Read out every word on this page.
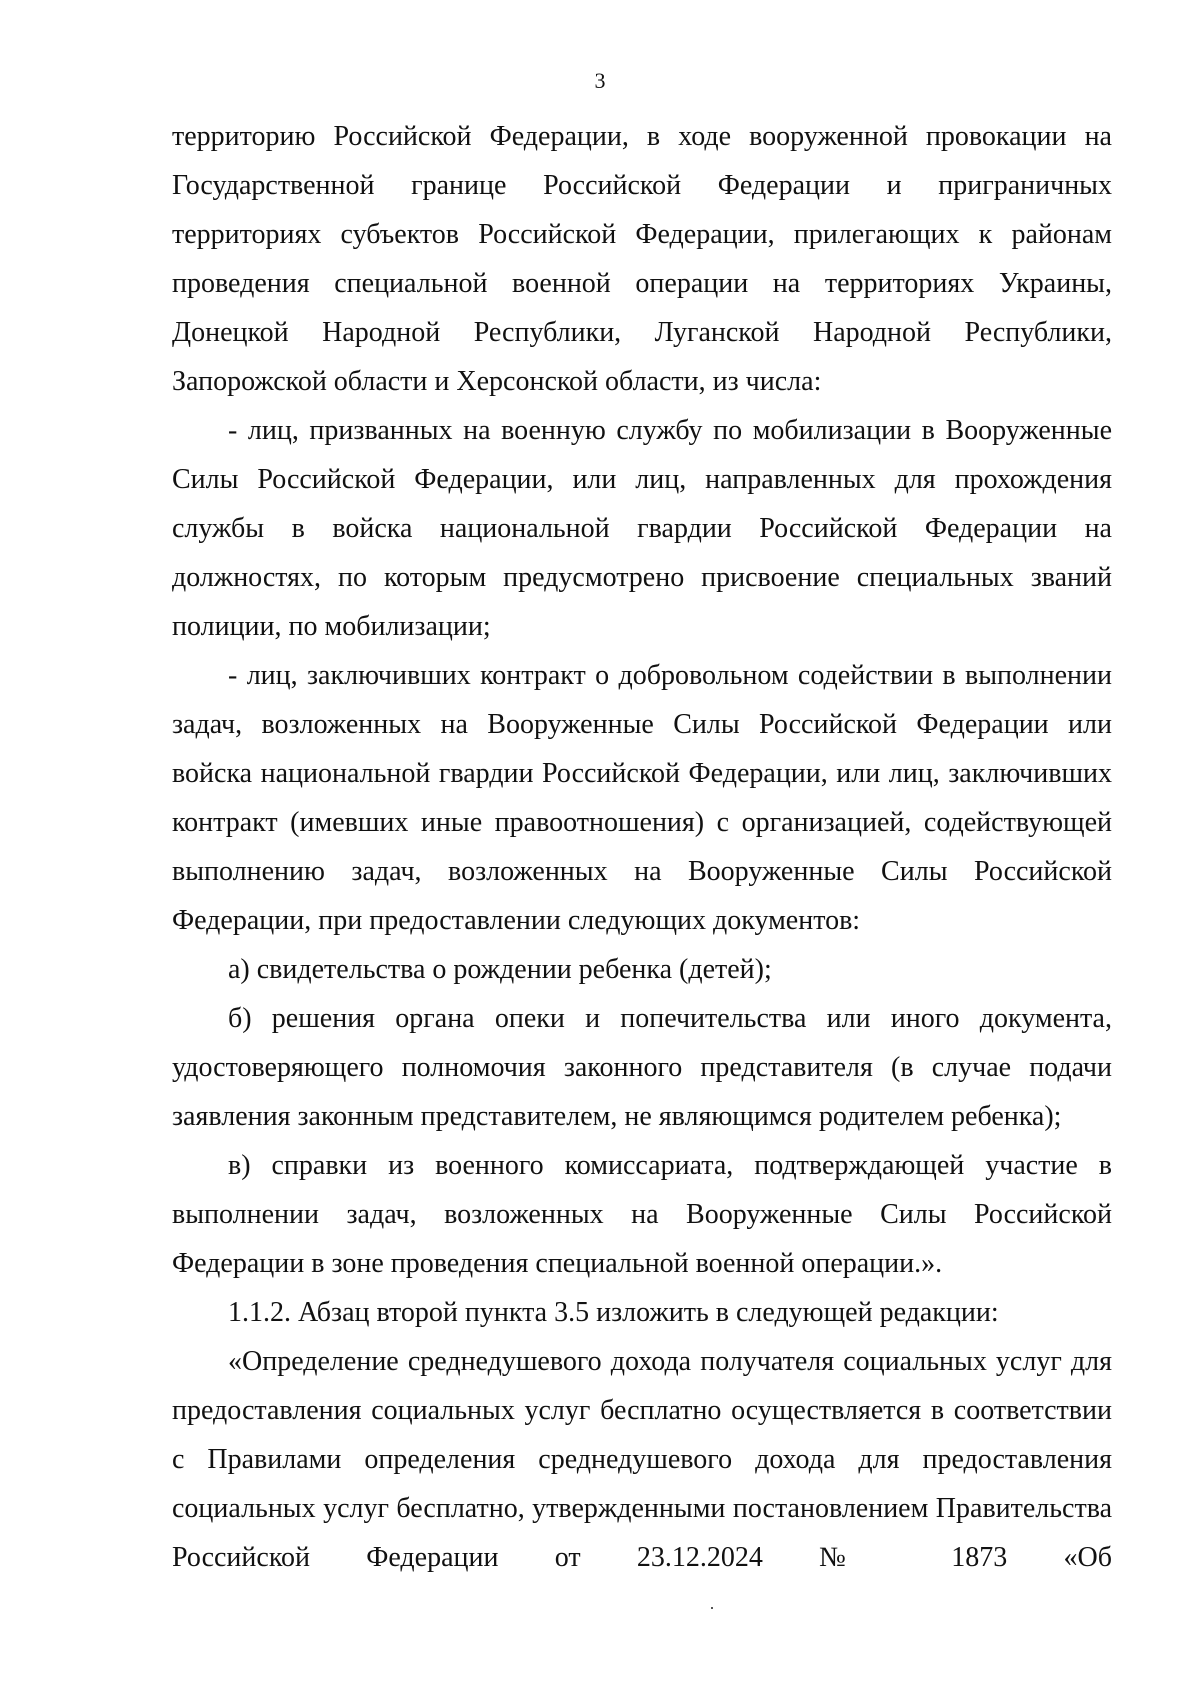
3

территорию Российской Федерации, в ходе вооруженной провокации на Государственной границе Российской Федерации и приграничных территориях субъектов Российской Федерации, прилегающих к районам проведения специальной военной операции на территориях Украины, Донецкой Народной Республики, Луганской Народной Республики, Запорожской области и Херсонской области, из числа:

- лиц, призванных на военную службу по мобилизации в Вооруженные Силы Российской Федерации, или лиц, направленных для прохождения службы в войска национальной гвардии Российской Федерации на должностях, по которым предусмотрено присвоение специальных званий полиции, по мобилизации;

- лиц, заключивших контракт о добровольном содействии в выполнении задач, возложенных на Вооруженные Силы Российской Федерации или войска национальной гвардии Российской Федерации, или лиц, заключивших контракт (имевших иные правоотношения) с организацией, содействующей выполнению задач, возложенных на Вооруженные Силы Российской Федерации, при предоставлении следующих документов:

а) свидетельства о рождении ребенка (детей);

б) решения органа опеки и попечительства или иного документа, удостоверяющего полномочия законного представителя (в случае подачи заявления законным представителем, не являющимся родителем ребенка);

в) справки из военного комиссариата, подтверждающей участие в выполнении задач, возложенных на Вооруженные Силы Российской Федерации в зоне проведения специальной военной операции.».

1.1.2. Абзац второй пункта 3.5 изложить в следующей редакции:

«Определение среднедушевого дохода получателя социальных услуг для предоставления социальных услуг бесплатно осуществляется в соответствии с Правилами определения среднедушевого дохода для предоставления социальных услуг бесплатно, утвержденными постановлением Правительства Российской Федерации от 23.12.2024 № 1873 «Об
